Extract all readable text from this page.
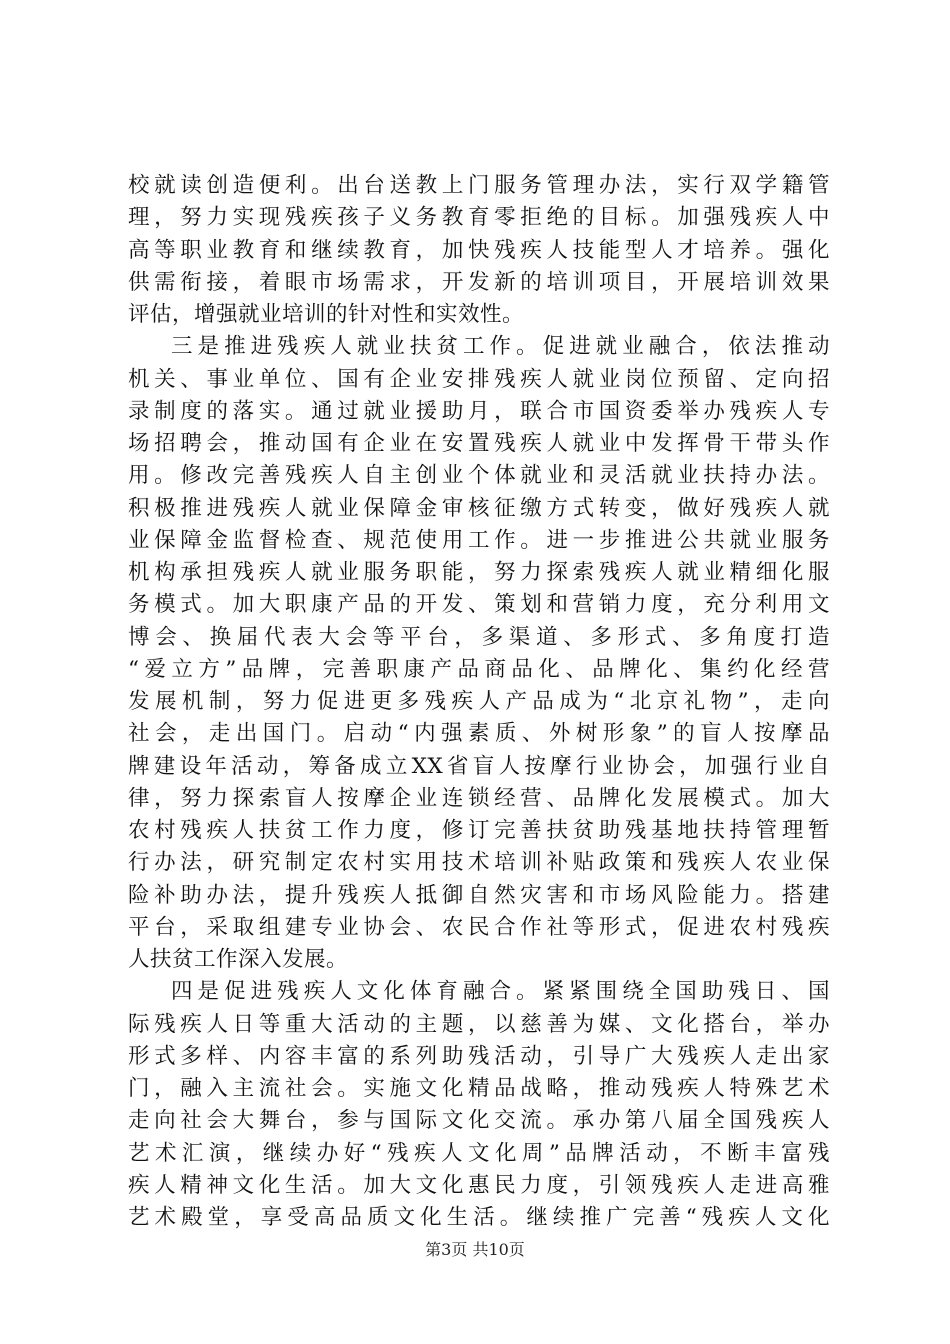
校就读创造便利。出台送教上门服务管理办法，实行双学籍管
理，努力实现残疾孩子义务教育零拒绝的目标。加强残疾人中
高等职业教育和继续教育，加快残疾人技能型人才培养。强化
供需衔接，着眼市场需求，开发新的培训项目，开展培训效果
评估，增强就业培训的针对性和实效性。
三是推进残疾人就业扶贫工作。促进就业融合，依法推动
机关、事业单位、国有企业安排残疾人就业岗位预留、定向招
录制度的落实。通过就业援助月，联合市国资委举办残疾人专
场招聘会，推动国有企业在安置残疾人就业中发挥骨干带头作
用。修改完善残疾人自主创业个体就业和灵活就业扶持办法。
积极推进残疾人就业保障金审核征缴方式转变，做好残疾人就
业保障金监督检查、规范使用工作。进一步推进公共就业服务
机构承担残疾人就业服务职能，努力探索残疾人就业精细化服
务模式。加大职康产品的开发、策划和营销力度，充分利用文
博会、换届代表大会等平台，多渠道、多形式、多角度打造
“爱立方”品牌，完善职康产品商品化、品牌化、集约化经营
发展机制，努力促进更多残疾人产品成为“北京礼物”，走向
社会，走出国门。启动“内强素质、外树形象”的盲人按摩品
牌建设年活动，筹备成立XX省盲人按摩行业协会，加强行业自
律，努力探索盲人按摩企业连锁经营、品牌化发展模式。加大
农村残疾人扶贫工作力度，修订完善扶贫助残基地扶持管理暂
行办法，研究制定农村实用技术培训补贴政策和残疾人农业保
险补助办法，提升残疾人抵御自然灾害和市场风险能力。搭建
平台，采取组建专业协会、农民合作社等形式，促进农村残疾
人扶贫工作深入发展。
四是促进残疾人文化体育融合。紧紧围绕全国助残日、国
际残疾人日等重大活动的主题，以慈善为媒、文化搭台，举办
形式多样、内容丰富的系列助残活动，引导广大残疾人走出家
门，融入主流社会。实施文化精品战略，推动残疾人特殊艺术
走向社会大舞台，参与国际文化交流。承办第八届全国残疾人
艺术汇演，继续办好“残疾人文化周”品牌活动，不断丰富残
疾人精神文化生活。加大文化惠民力度，引领残疾人走进高雅
艺术殿堂，享受高品质文化生活。继续推广完善“残疾人文化
第3页 共10页
